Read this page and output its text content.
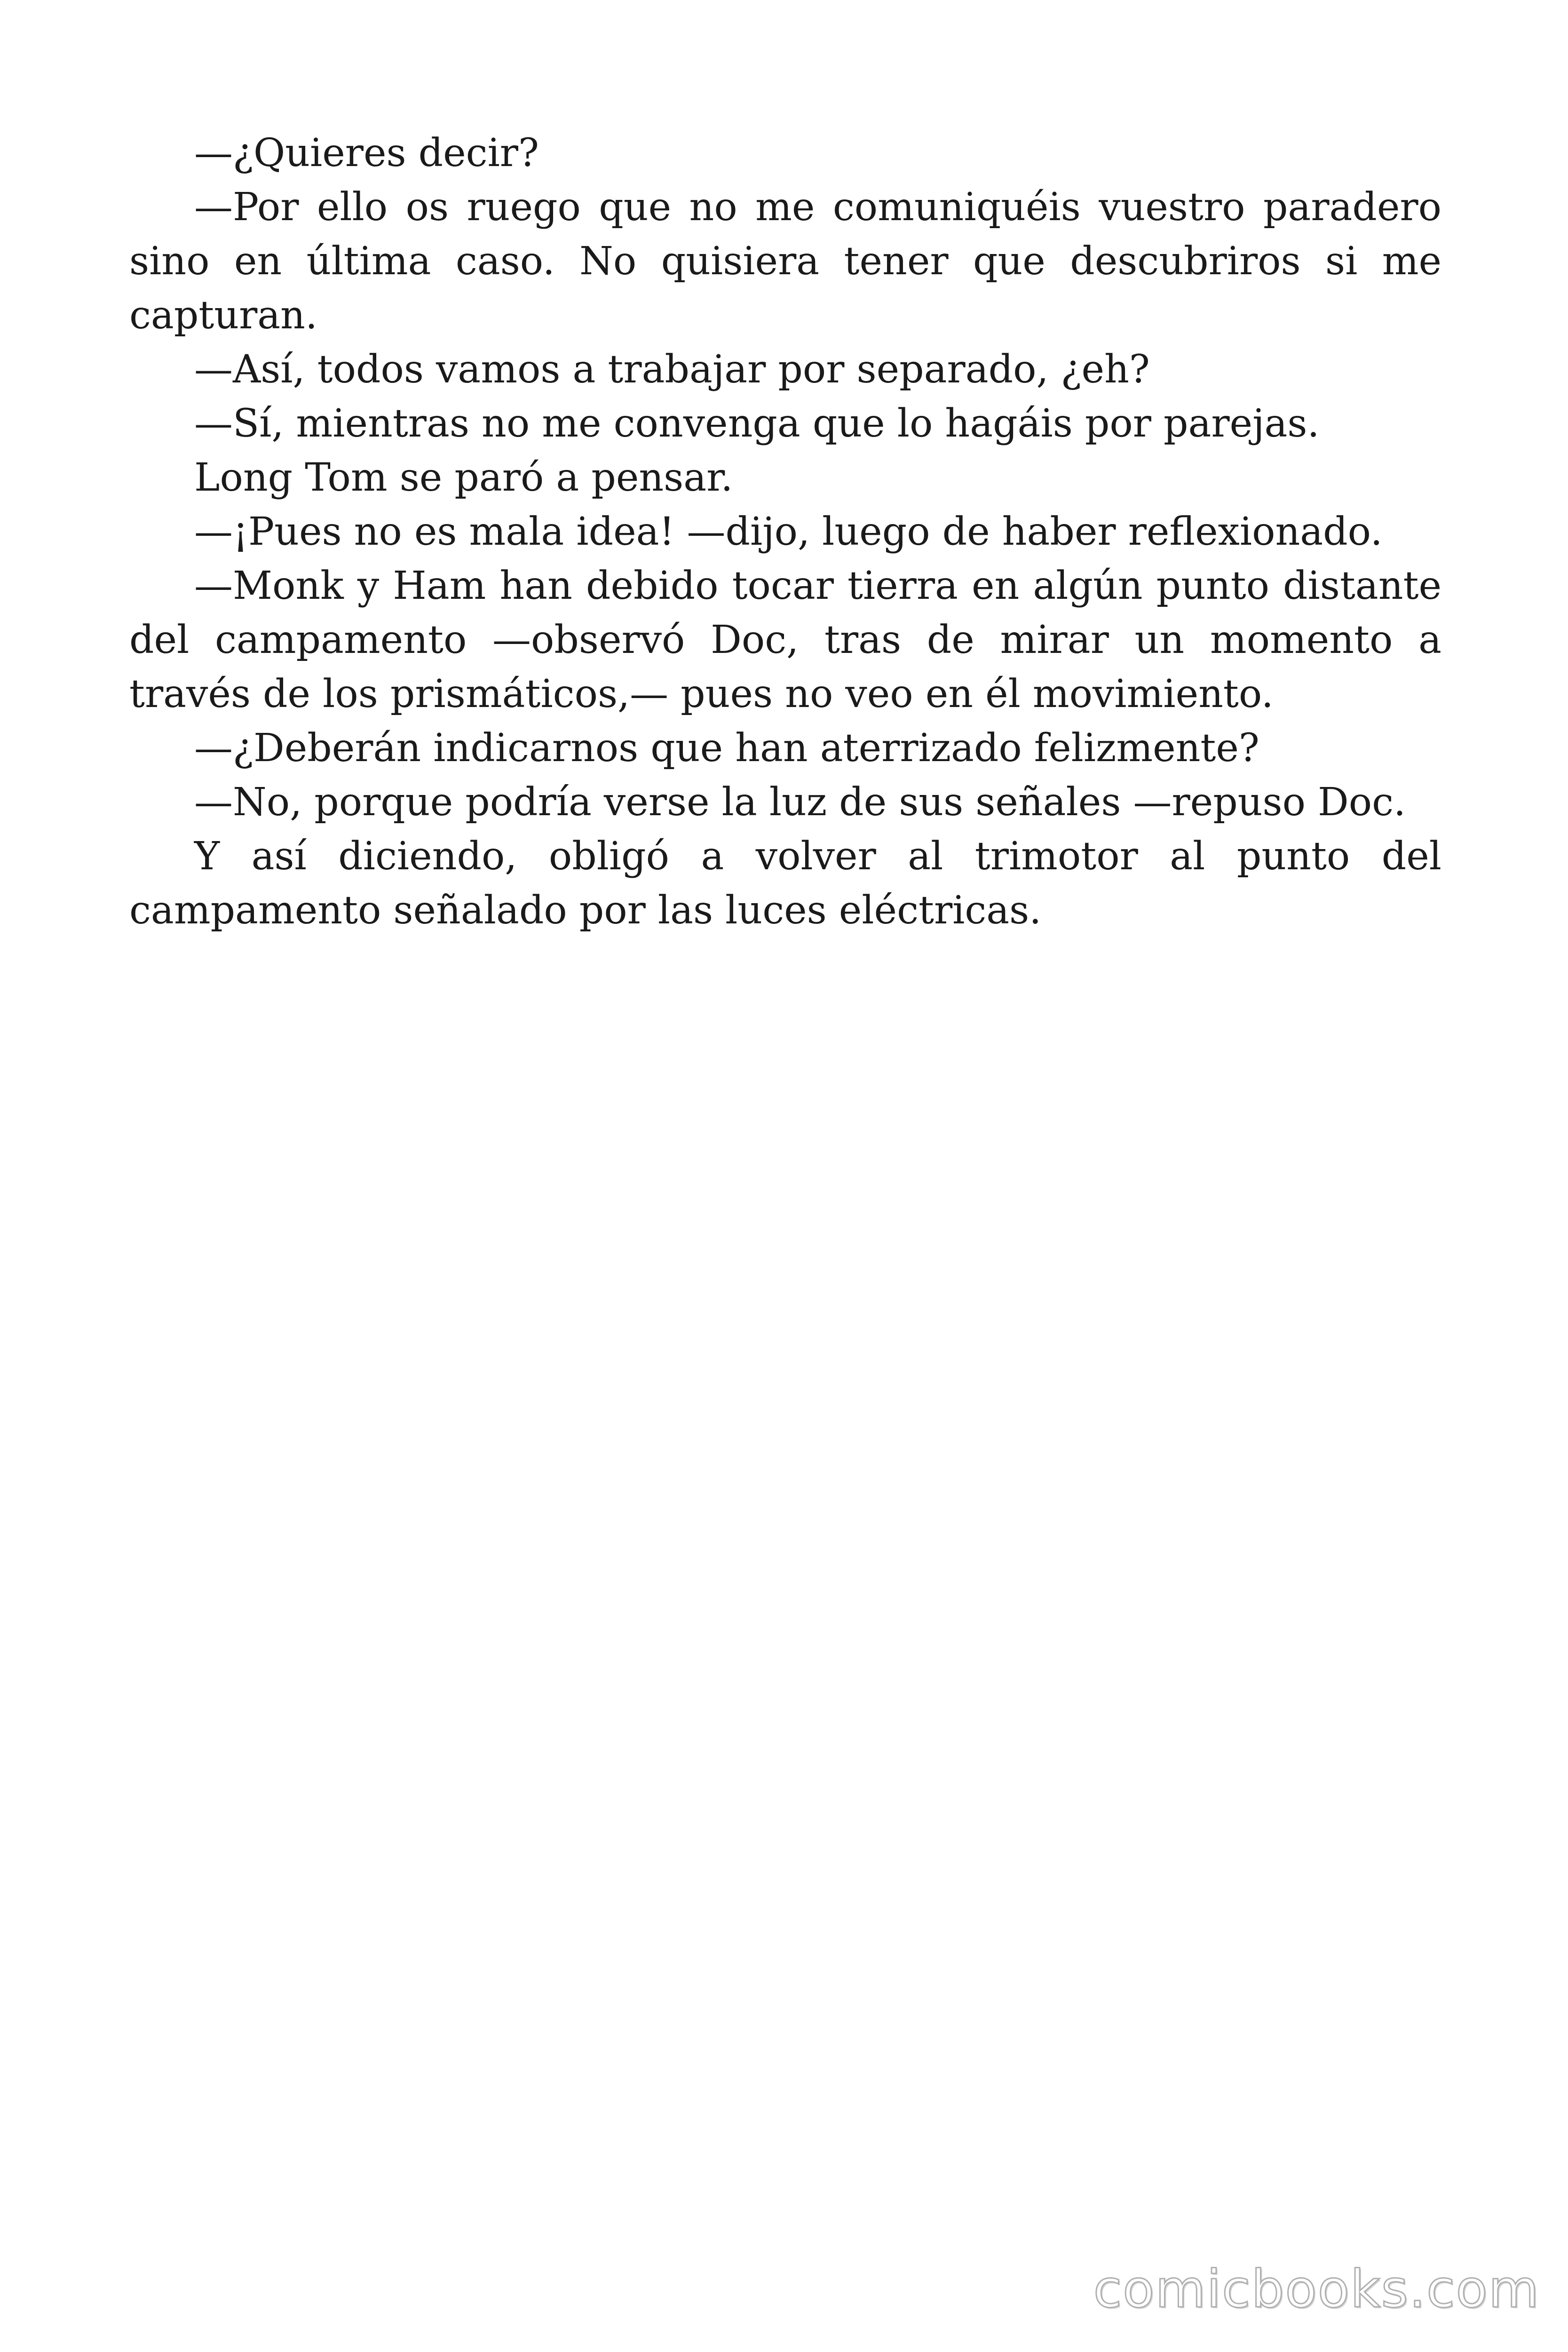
—¿Quieres decir?

—Por ello os ruego que no me comuniquéis vuestro paradero sino en última caso. No quisiera tener que descubriros si me capturan.

—Así, todos vamos a trabajar por separado, ¿eh?

—Sí, mientras no me convenga que lo hagáis por parejas.

Long Tom se paró a pensar.

—¡Pues no es mala idea! —dijo, luego de haber reflexionado.

—Monk y Ham han debido tocar tierra en algún punto distante del campamento —observó Doc, tras de mirar un momento a través de los prismáticos,— pues no veo en él movimiento.

—¿Deberán indicarnos que han aterrizado felizmente?

—No, porque podría verse la luz de sus señales —repuso Doc.

Y así diciendo, obligó a volver al trimotor al punto del campamento señalado por las luces eléctricas.

comicbooks.com
